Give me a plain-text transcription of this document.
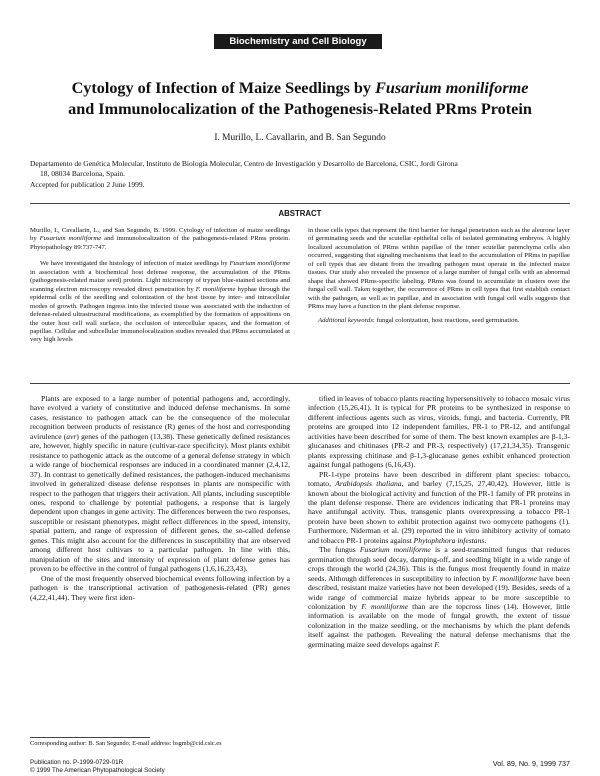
Biochemistry and Cell Biology
Cytology of Infection of Maize Seedlings by Fusarium moniliforme
and Immunolocalization of the Pathogenesis-Related PRms Protein
I. Murillo, L. Cavallarin, and B. San Segundo
Departamento de Genética Molecular, Instituto de Biología Molecular, Centro de Investigación y Desarrollo de Barcelona, CSIC, Jordi Girona
18, 08034 Barcelona, Spain.
Accepted for publication 2 June 1999.
ABSTRACT

Murillo, I., Cavallarin, L., and San Segundo, B. 1999. Cytology of infection of maize seedlings by Fusarium moniliforme and immunolocalization of the pathogenesis-related PRms protein. Phytopathology 89:737-747.

We have investigated the histology of infection of maize seedlings by Fusarium moniliforme in association with a biochemical host defense response, the accumulation of the PRms (pathogenesis-related maize seed) protein. Light microscopy of trypan blue-stained sections and scanning electron microscopy revealed direct penetration by F. moniliforme hyphae through the epidermal cells of the seedling and colonization of the host tissue by inter- and intracellular modes of growth. Pathogen ingress into the infected tissue was associated with the induction of defense-related ultrastructural modifications, as exemplified by the formation of appositions on the outer host cell wall surface, the occlusion of intercellular spaces, and the formation of papillae. Cellular and subcellular immunolocalization studies revealed that PRms accumulated at very high levels

in those cells types that represent the first barrier for fungal penetration such as the aleurone layer of germinating seeds and the scutellar epithelial cells of isolated germinating embryos. A highly localized accumulation of PRms within papillae of the inner scutellar parenchyma cells also occurred, suggesting that signaling mechanisms that lead to the accumulation of PRms in papillae of cell types that are distant from the invading pathogen must operate in the infected maize tissues. Our study also revealed the presence of a large number of fungal cells with an abnormal shape that showed PRms-specific labeling. PRms was found to accumulate in clusters over the fungal cell wall. Taken together, the occurrence of PRms in cell types that first establish contact with the pathogen, as well as in papillae, and in association with fungal cell walls suggests that PRms may have a function in the plant defense response.

Additional keywords: fungal colonization, host reactions, seed germination.

Plants are exposed to a large number of potential pathogens and, accordingly, have evolved a variety of constitutive and induced defense mechanisms. In some cases, resistance to pathogen attack can be the consequence of the molecular recognition between products of resistance (R) genes of the host and corresponding avirulence (avr) genes of the pathogen (13,38). These genetically defined resistances are, however, highly specific in nature (cultivar-race specificity). Most plants exhibit resistance to pathogenic attack as the outcome of a general defense strategy in which a wide range of biochemical responses are induced in a coordinated manner (2,4,12, 37). In contrast to genetically defined resistances, the pathogen-induced mechanisms involved in generalized disease defense responses in plants are nonspecific with respect to the pathogen that triggers their activation. All plants, including susceptible ones, respond to challenge by potential pathogens, a response that is largely dependent upon changes in gene activity. The differences between the two responses, susceptible or resistant phenotypes, might reflect differences in the speed, intensity, spatial pattern, and range of expression of different genes, the so-called defense genes. This might also account for the differences in susceptibility that are observed among different host cultivars to a particular pathogen. In line with this, manipulation of the sites and intensity of expression of plant defense genes has proven to be effective in the control of fungal pathogens (1,6,16,23,43).

One of the most frequently observed biochemical events following infection by a pathogen is the transcriptional activation of pathogenesis-related (PR) genes (4,22,41,44). They were first iden-

tified in leaves of tobacco plants reacting hypersensitively to tobacco mosaic virus infection (15,26,41). It is typical for PR proteins to be synthesized in response to different infectious agents such as virus, viroids, fungi, and bacteria. Currently, PR proteins are grouped into 12 independent families, PR-1 to PR-12, and antifungal activities have been described for some of them. The best known examples are β-1,3-glucanases and chitinases (PR-2 and PR-3, respectively) (17,21,34,35). Transgenic plants expressing chitinase and β-1,3-glucanase genes exhibit enhanced protection against fungal pathogens (6,16,43).

PR-1-type proteins have been described in different plant species: tobacco, tomato, Arabidopsis thaliana, and barley (7,15,25, 27,40,42). However, little is known about the biological activity and function of the PR-1 family of PR proteins in the plant defense response. There are evidences indicating that PR-1 proteins may have antifungal activity. Thus, transgenic plants overexpressing a tobacco PR-1 protein have been shown to exhibit protection against two oomycete pathogens (1). Furthermore, Niderman et al. (29) reported the in vitro inhibitory activity of tomato and tobacco PR-1 proteins against Phytophthora infestans.

The fungus Fusarium moniliforme is a seed-transmitted fungus that reduces germination through seed decay, damping-off, and seedling blight in a wide range of crops through the world (24,36). This is the fungus most frequently found in maize seeds. Although differences in susceptibility to infection by F. moniliforme have been described, resistant maize varieties have not been developed (19). Besides, seeds of a wide range of commercial maize hybrids appear to be more susceptible to colonization by F. moniliforme than are the topcross lines (14). However, little information is available on the mode of fungal growth, the extent of tissue colonization in the maize seedling, or the mechanisms by which the plant defends itself against the pathogen. Revealing the natural defense mechanisms that the germinating maize seed develops against F.

Corresponding author: B. San Segundo; E-mail address: bsgmb@cid.csic.es
Publication no. P-1999-0729-01R
© 1999 The American Phytopathological Society
Vol. 89, No. 9, 1999 737
